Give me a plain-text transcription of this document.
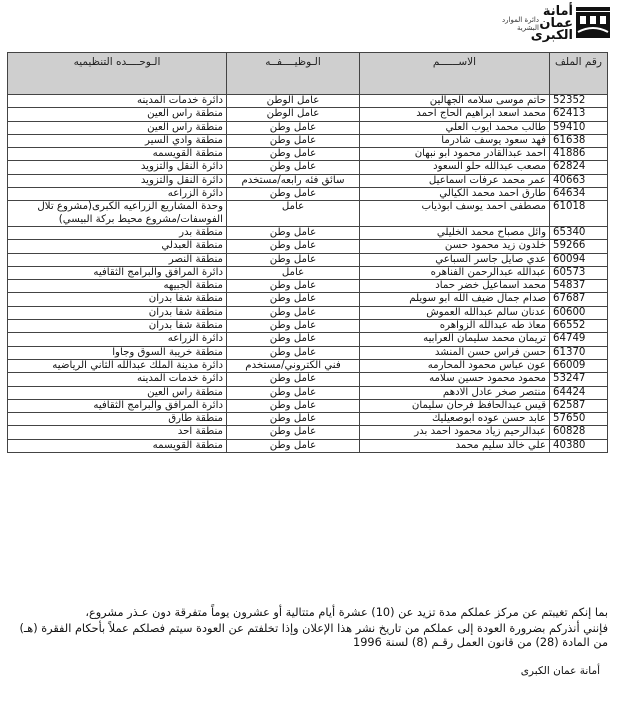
أمانة عمان الكبرى
دائرة الموارد البشرية
رقم الملف	الاســــــم	الـوظيــــفــه	الـوحــــده التنظيميه
52352	حاتم موسى سلامه الجهالين	عامل الوطن	دائرة خدمات المدينه
62413	محمد اسعد ابراهيم الحاج احمد	عامل الوطن	منطقة راس العين
59410	طالب محمد ايوب العلي	عامل وطن	منطقة راس العين
61638	فهد سعود يوسف شادرما	عامل وطن	منطقة وادي السير
41886	احمد عبدالقادر محمود ابو نبهان	عامل وطن	منطقة القويسمه
62824	مصعب عبدالله حلو السعود	عامل وطن	دائرة النقل والتزويد
40663	عمر محمد عرفات اسماعيل	سائق فئه رابعه/مستخدم	دائرة النقل والتزويد
64634	طارق احمد محمد الكيالي	عامل وطن	دائرة الزراعه
61018	مصطفى احمد يوسف ابوذياب	عامل	وحدة المشاريع الزراعيه الكبرى(مشروع تلال الفوسفات/مشروع محيط بركة البيسي)
65340	وائل مصباح محمد الخليلي	عامل وطن	منطقة بدر
59266	خلدون زيد محمود حسن	عامل وطن	منطقة العبدلي
60094	عدي صايل جاسر السباعي	عامل وطن	منطقة النصر
60573	عبدالله عبدالرحمن الفناهره	عامل	دائرة المرافق والبرامج الثقافيه
54837	محمد اسماعيل خضر حماد	عامل وطن	منطقة الجبيهه
67687	صدام جمال ضيف الله ابو سويلم	عامل وطن	منطقة شفا بدران
60600	عدنان سالم عبدالله العموش	عامل وطن	منطقة شفا بدران
66552	معاذ طه عبدالله الزواهره	عامل وطن	منطقة شفا بدران
64749	تريمان محمد سليمان العرابيه	عامل وطن	دائرة الزراعه
61370	حسن فراس حسن المنشد	عامل وطن	منطقة خريبة السوق وجاوا
66009	عون عباس محمود المحارمه	فني الكتروني/مستخدم	دائرة مدينة الملك عبدالله الثاني الرياضيه
53247	محمود محمود حسين سلامه	عامل وطن	دائرة خدمات المدينه
64424	منتصر صخر عادل الادهم	عامل وطن	منطقة راس العين
62587	قيس عبدالحافظ فرحان سليمان	عامل وطن	دائرة المرافق والبرامج الثقافيه
57650	عابد حسن عوده ابوصعيليك	عامل وطن	منطقة طارق
60828	عبدالرحيم زياد محمود احمد بدر	عامل وطن	منطقة احد
40380	علي خالد سليم محمد	عامل وطن	منطقة القويسمه

بما إنكم تغيبتم عن مركز عملكم مدة تزيد عن (10) عشرة أيام متتالية أو عشرون يوماً متفرقة دون عـذر مشروع،

فإنني أنذركم بضرورة العودة إلى عملكم من تاريخ نشر هذا الإعلان وإذا تخلفتم عن العودة سيتم فصلكم عملاً بأحكام الفقرة (هـ) من المادة (28) من قانون العمل رقـم (8) لسنة 1996

أمانة عمان الكبرى
